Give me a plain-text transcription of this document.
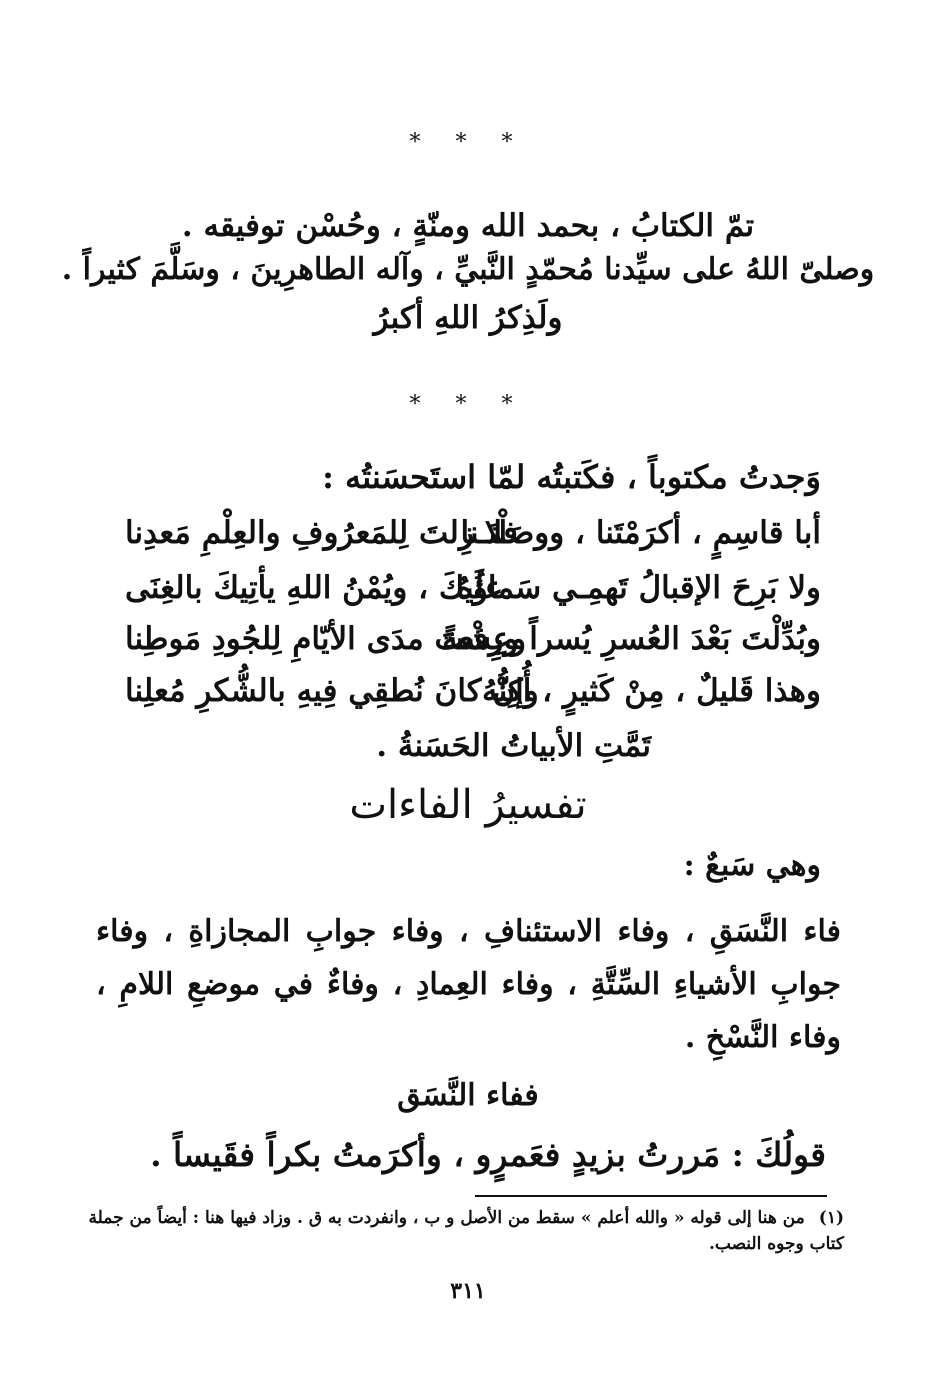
* * *
تمّ الكتابُ ، بحمد الله ومنّةٍ ، وحُسْن توفيقه .
وصلىّ اللهُ على سيِّدنا مُحمّدٍ النَّبيِّ ، وآله الطاهرِينَ ، وسَلَّمَ كثيراً .
ولَذِكرُ اللهِ أكبرُ
* * *
وَجدتُ مكتوباً ، فكَتبتُه لمّا استَحسَنتُه :
أبا قاسِمٍ ، أكرَمْتَنا ، ووصَلْتَـنا
فلا زِلتَ لِلمَعرُوفِ والعِلْمِ مَعدِنا
ولا بَرِحَ الإقبالُ تَهمِـي سَماؤُهُ
علَيكَ ، ويُمْنُ اللهِ يأتِيكَ بالغِنَى
وبُدِّلْتَ بَعْدَ العُسرِ يُسراً ورِفعةً
وعِشْتَ مدَى الأيّامِ لِلجُودِ مَوطِنا
وهذا قَليلٌ ، مِنْ كَثيرٍ ، أُكِنُّهُ
وإنْ كانَ نُطقِي فِيهِ بالشُّكرِ مُعلِنا
تَمَّتِ الأبياتُ الحَسَنةُ .
تفسيرُ الفاءات
وهي سَبعٌ :
فاء النَّسَقِ ، وفاء الاستئنافِ ، وفاء جوابِ المجازاةِ ، وفاء جوابِ الأشياءِ السِّتَّةِ ، وفاء العِمادِ ، وفاءٌ في موضعِ اللامِ ، وفاء النَّسْخِ .
ففاء النَّسَق
قولُكَ : مَررتُ بزيدٍ فعَمرٍو ، وأكرَمتُ بكراً فقَيساً .
(١)من هنا إلى قوله « والله أعلم » سقط من الأصل و ب ، وانفردت به ق . وزاد فيها هنا : أيضاً من جملة كتاب وجوه النصب.
٣١١
